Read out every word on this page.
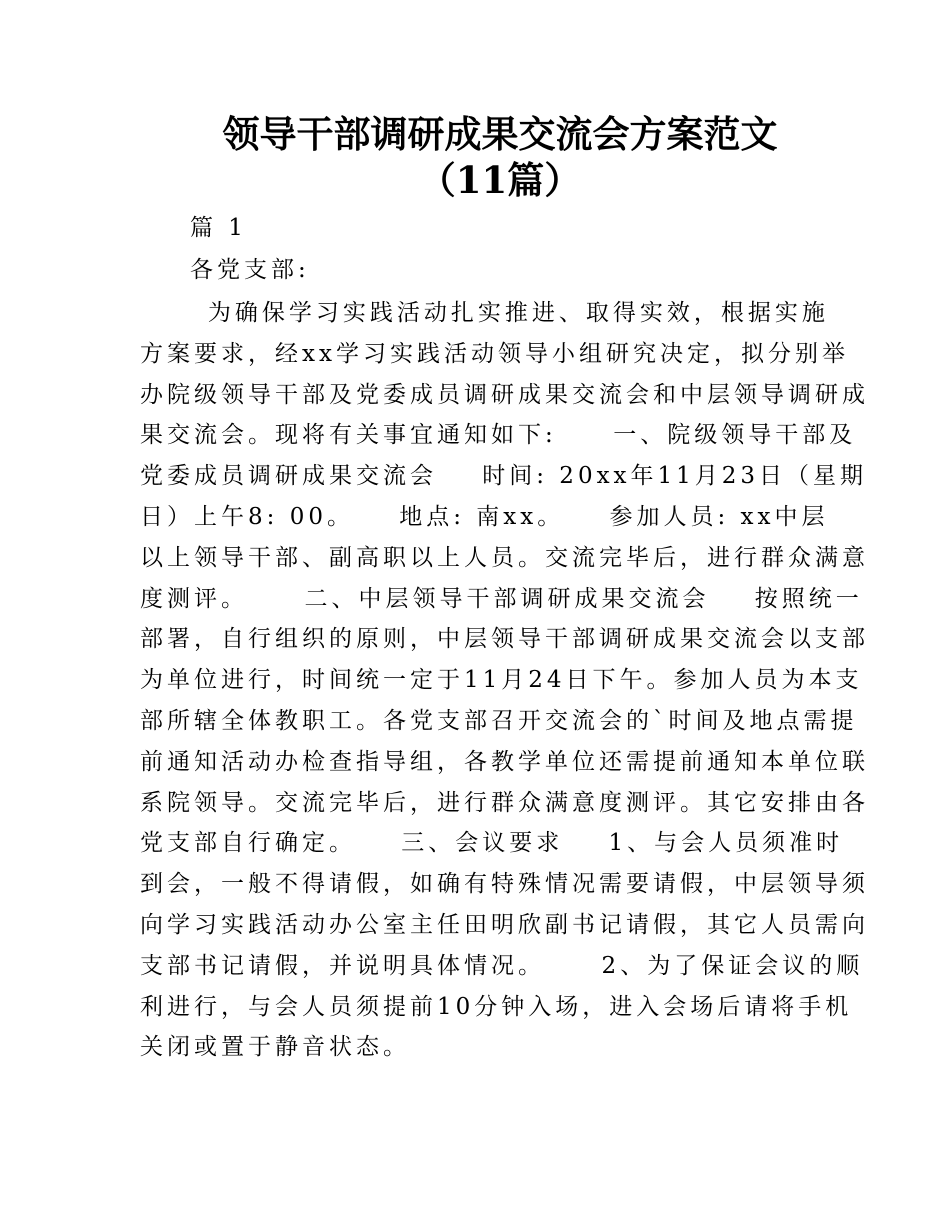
领导干部调研成果交流会方案范文
（11篇）
篇 1
各党支部:
为确保学习实践活动扎实推进、取得实效，根据实施
方案要求，经xx学习实践活动领导小组研究决定，拟分别举
办院级领导干部及党委成员调研成果交流会和中层领导调研成
果交流会。现将有关事宜通知如下:     一、院级领导干部及
党委成员调研成果交流会    时间: 20xx年11月23日（星期
日）上午8: 00。    地点: 南xx。    参加人员: xx中层
以上领导干部、副高职以上人员。交流完毕后，进行群众满意
度测评。     二、中层领导干部调研成果交流会    按照统一
部署，自行组织的原则，中层领导干部调研成果交流会以支部
为单位进行，时间统一定于11月24日下午。参加人员为本支
部所辖全体教职工。各党支部召开交流会的`时间及地点需提
前通知活动办检查指导组，各教学单位还需提前通知本单位联
系院领导。交流完毕后，进行群众满意度测评。其它安排由各
党支部自行确定。    三、会议要求    1、与会人员须准时
到会，一般不得请假，如确有特殊情况需要请假，中层领导须
向学习实践活动办公室主任田明欣副书记请假，其它人员需向
支部书记请假，并说明具体情况。     2、为了保证会议的顺
利进行，与会人员须提前10分钟入场，进入会场后请将手机
关闭或置于静音状态。
